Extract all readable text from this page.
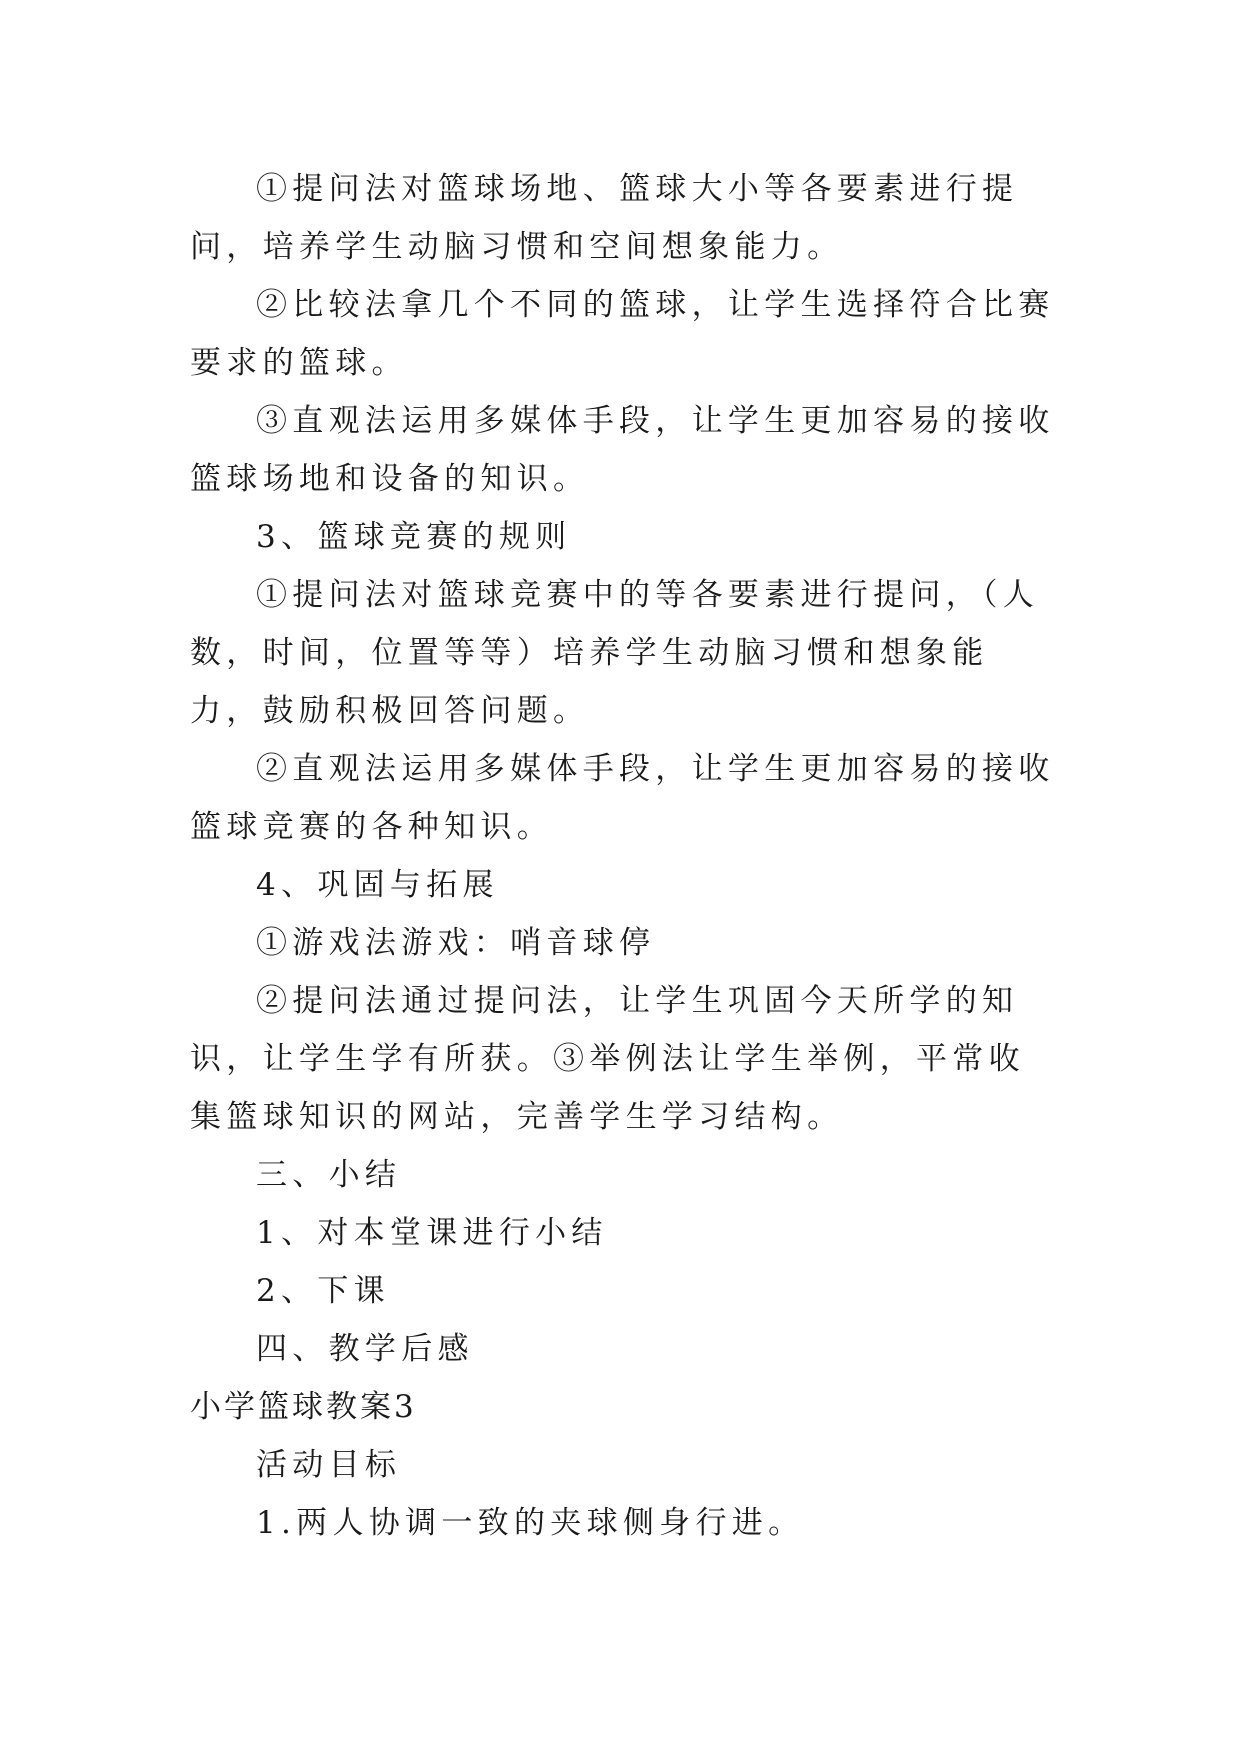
①提问法对篮球场地、篮球大小等各要素进行提问，培养学生动脑习惯和空间想象能力。

②比较法拿几个不同的篮球，让学生选择符合比赛要求的篮球。

③直观法运用多媒体手段，让学生更加容易的接收篮球场地和设备的知识。

3、篮球竞赛的规则

①提问法对篮球竞赛中的等各要素进行提问，（人数，时间，位置等等）培养学生动脑习惯和想象能力，鼓励积极回答问题。

②直观法运用多媒体手段，让学生更加容易的接收篮球竞赛的各种知识。

4、巩固与拓展

①游戏法游戏：哨音球停

②提问法通过提问法，让学生巩固今天所学的知识，让学生学有所获。③举例法让学生举例，平常收集篮球知识的网站，完善学生学习结构。

三、小结

1、对本堂课进行小结

2、下课

四、教学后感

小学篮球教案3

活动目标

1.两人协调一致的夹球侧身行进。
